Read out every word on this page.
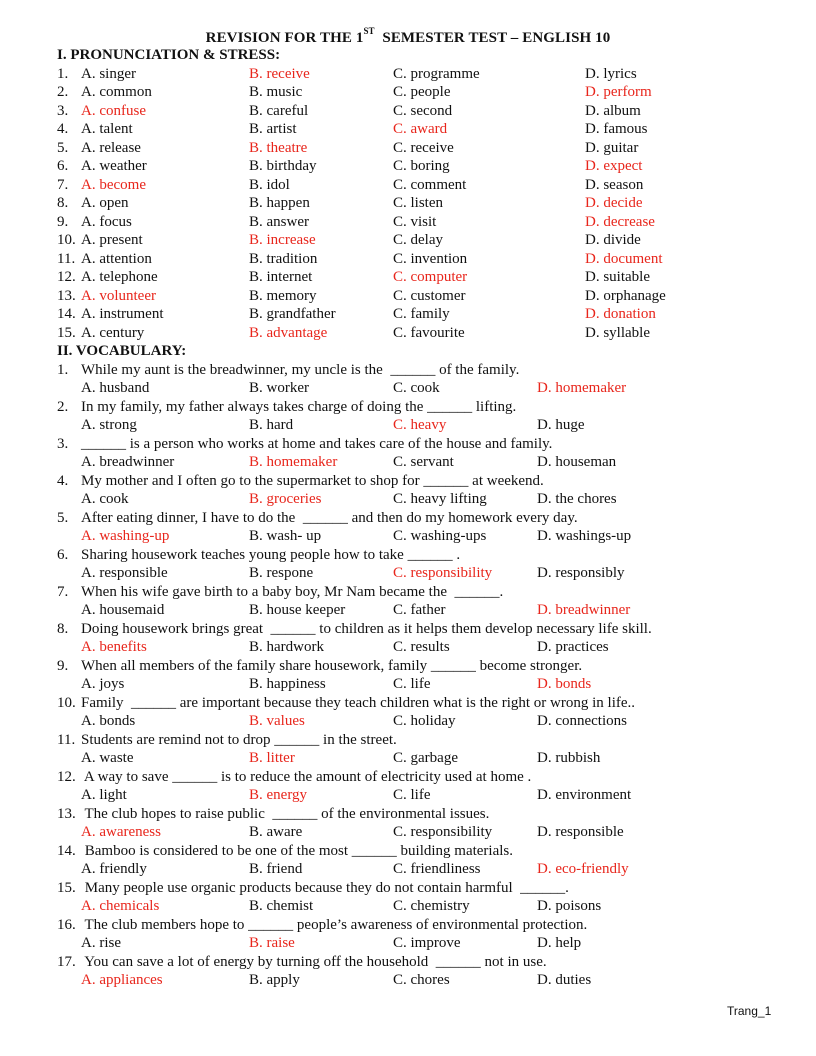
REVISION FOR THE 1ST  SEMESTER TEST – ENGLISH 10
I. PRONUNCIATION & STRESS:
1. A. singer	B. receive	C. programme	D. lyrics
2. A. common	B. music	C. people	D. perform
3. A. confuse	B. careful	C. second	D. album
4. A. talent	B. artist	C. award	D. famous
5. A. release	B. theatre	C. receive	D. guitar
6. A. weather	B. birthday	C. boring	D. expect
7. A. become	B. idol	C. comment	D. season
8. A. open	B. happen	C. listen	D. decide
9. A. focus	B. answer	C. visit	D. decrease
10. A. present	B. increase	C. delay	D. divide
11. A. attention	B. tradition	C. invention	D. document
12. A. telephone	B. internet	C. computer	D. suitable
13. A. volunteer	B. memory	C. customer	D. orphanage
14. A. instrument	B. grandfather	C. family	D. donation
15. A. century	B. advantage	C. favourite	D. syllable
II. VOCABULARY:
1. While my aunt is the breadwinner, my uncle is the  ______ of the family.
A. husband	B. worker	C. cook	D. homemaker
2. In my family, my father always takes charge of doing the ______ lifting.
A. strong	B. hard	C. heavy	D. huge
3. ______ is a person who works at home and takes care of the house and family.
A. breadwinner	B. homemaker	C. servant	D. houseman
4. My mother and I often go to the supermarket to shop for ______ at weekend.
A. cook	B. groceries	C. heavy lifting	D. the chores
5. After eating dinner, I have to do the  ______ and then do my homework every day.
A. washing-up	B. wash- up	C. washing-ups	D. washings-up
6. Sharing housework teaches young people how to take ______ .
A. responsible	B. respone	C. responsibility	D. responsibly
7. When his wife gave birth to a baby boy, Mr Nam became the  ______.
A. housemaid	B. house keeper	C. father	D. breadwinner
8. Doing housework brings great  ______ to children as it helps them develop necessary life skill.
A. benefits	B. hardwork	C. results	D. practices
9. When all members of the family share housework, family ______ become stronger.
A. joys	B. happiness	C. life	D. bonds
10. Family  ______ are important because they teach children what is the right or wrong in life..
A. bonds	B. values	C. holiday	D. connections
11. Students are remind not to drop ______ in the street.
A. waste	B. litter	C. garbage	D. rubbish
12. A way to save ______ is to reduce the amount of electricity used at home .
A. light	B. energy	C. life	D. environment
13. The club hopes to raise public  ______ of the environmental issues.
A. awareness	B. aware	C. responsibility	D. responsible
14. Bamboo is considered to be one of the most ______ building materials.
A. friendly	B. friend	C. friendliness	D. eco-friendly
15. Many people use organic products because they do not contain harmful  ______.
A. chemicals	B. chemist	C. chemistry	D. poisons
16. The club members hope to ______ people’s awareness of environmental protection.
A. rise	B. raise	C. improve	D. help
17. You can save a lot of energy by turning off the household  ______ not in use.
A. appliances	B. apply	C. chores	D. duties
Trang_1
